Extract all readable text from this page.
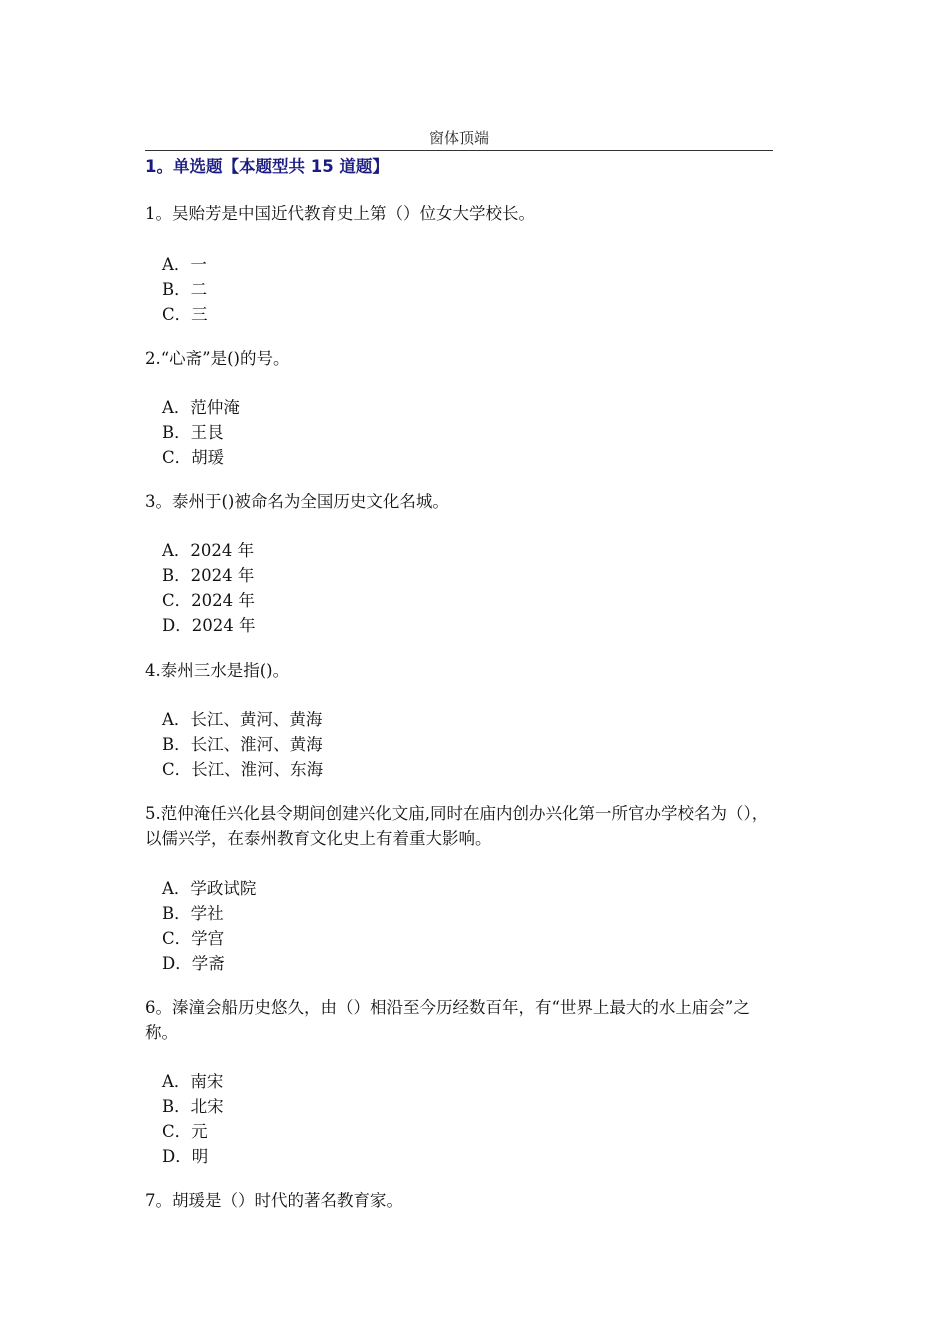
窗体顶端
1。单选题【本题型共 15 道题】
1。吴贻芳是中国近代教育史上第（）位女大学校长。
A．一
B．二
C．三
2.“心斋”是()的号。
A．范仲淹
B．王艮
C．胡瑗
3。泰州于()被命名为全国历史文化名城。
A．2024 年
B．2024 年
C．2024 年
D．2024 年
4.泰州三水是指()。
A．长江、黄河、黄海
B．长江、淮河、黄海
C．长江、淮河、东海
5.范仲淹任兴化县令期间创建兴化文庙,同时在庙内创办兴化第一所官办学校名为（），以儒兴学，在泰州教育文化史上有着重大影响。
A．学政试院
B．学社
C．学宫
D．学斋
6。溱潼会船历史悠久，由（）相沿至今历经数百年，有“世界上最大的水上庙会”之称。
A．南宋
B．北宋
C．元
D．明
7。胡瑗是（）时代的著名教育家。
